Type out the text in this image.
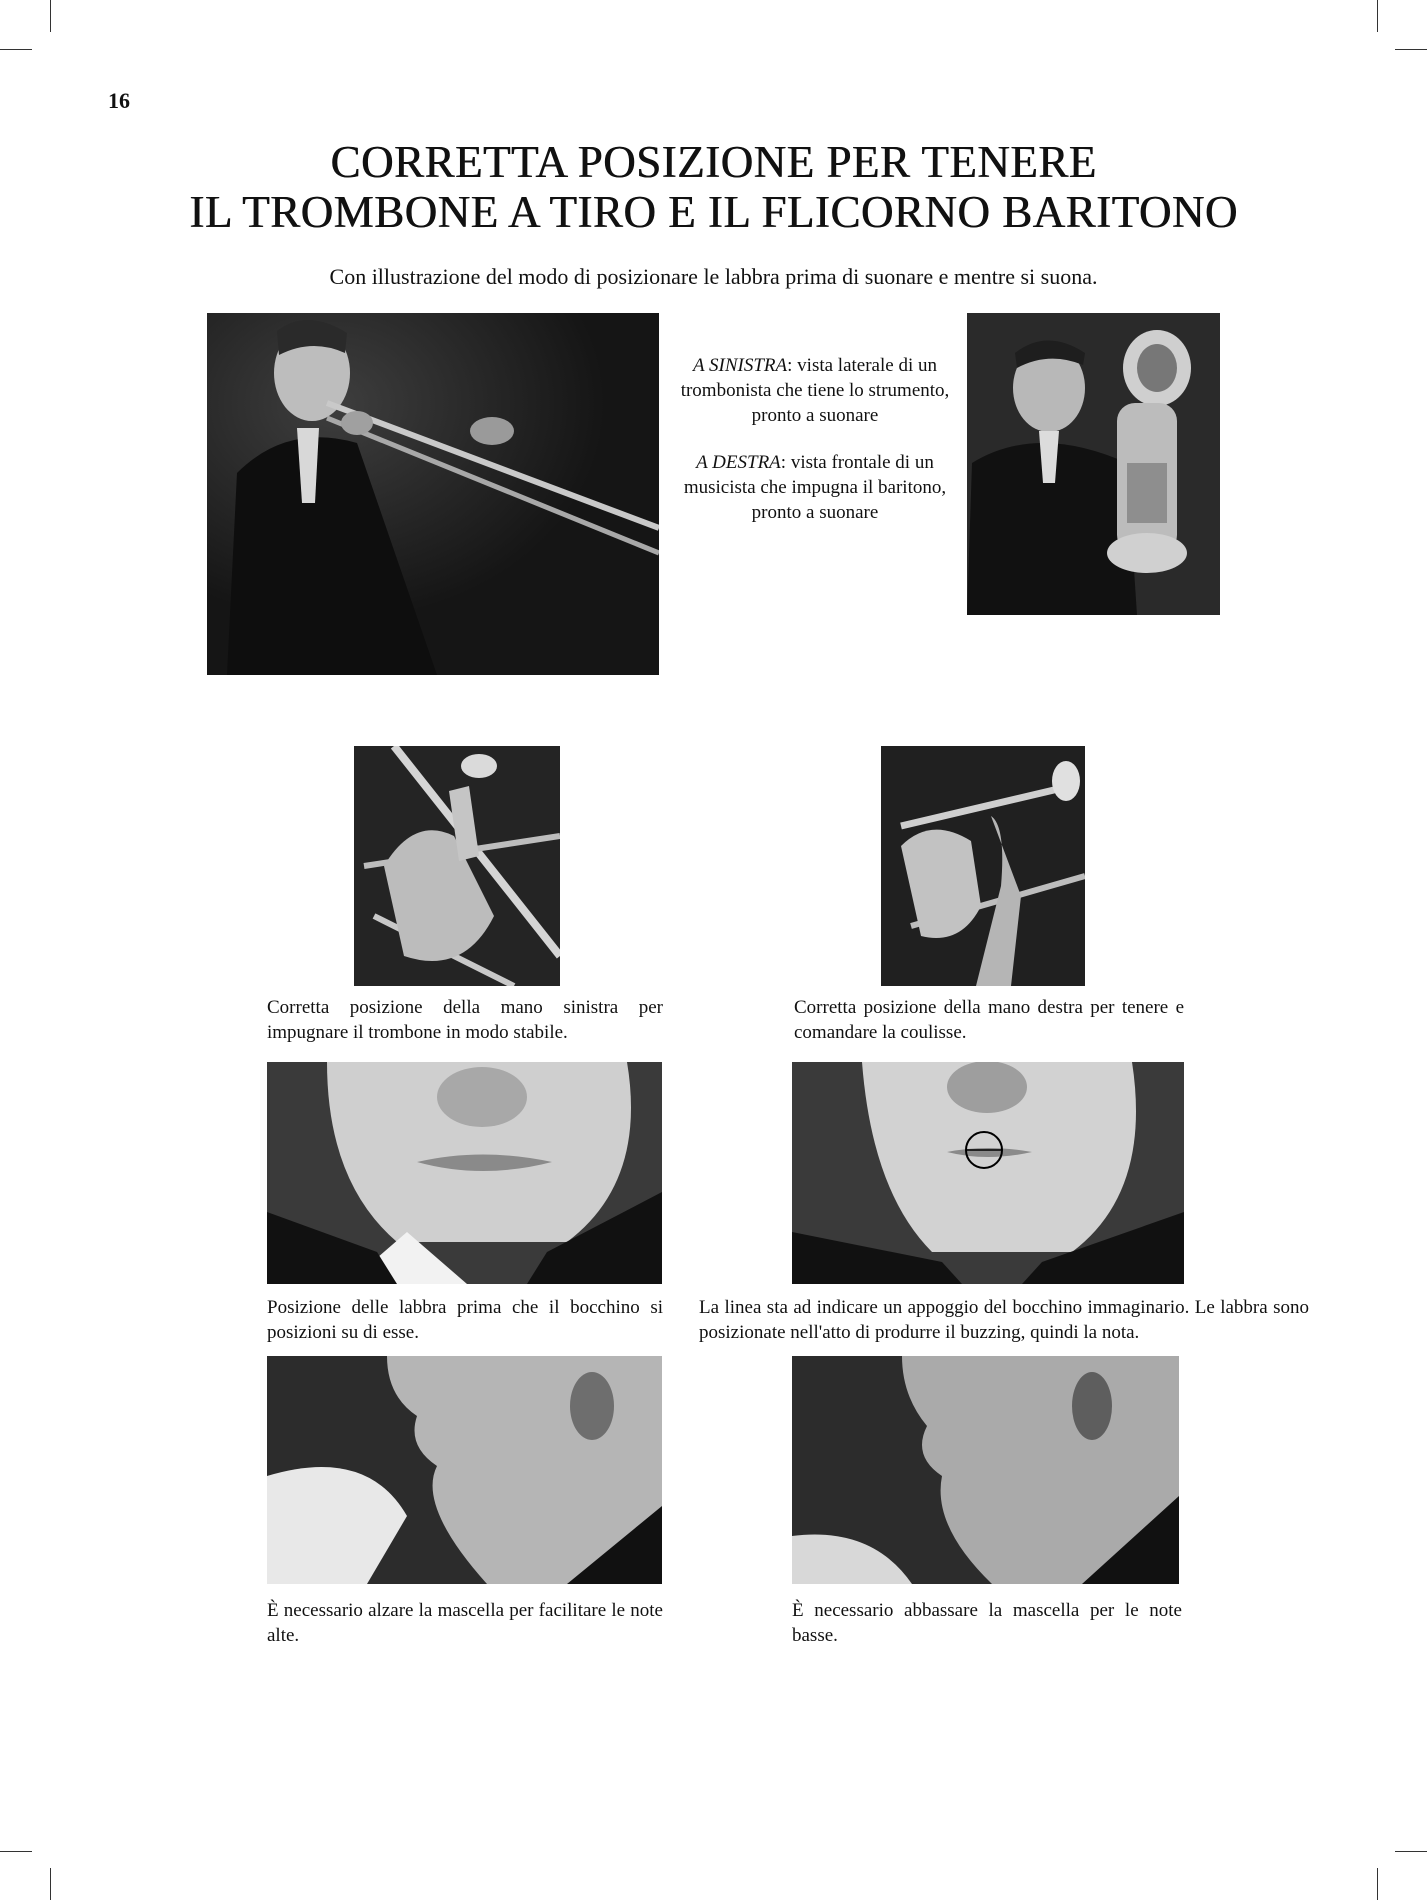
16
CORRETTA POSIZIONE PER TENERE
IL TROMBONE A TIRO E IL FLICORNO BARITONO
Con illustrazione del modo di posizionare le labbra prima di suonare e mentre si suona.

A SINISTRA: vista laterale di un trombonista che tiene lo strumento, pronto a suonare

A DESTRA: vista frontale di un musicista che impugna il baritono, pronto a suonare

Corretta posizione della mano sinistra per impugnare il trombone in modo stabile.
Corretta posizione della mano destra per tenere e comandare la coulisse.
Posizione delle labbra prima che il bocchino si posizioni su di esse.
La linea sta ad indicare un appoggio del bocchino immaginario. Le labbra sono posizionate nell'atto di produrre il buzzing, quindi la nota.
È necessario alzare la mascella per facilitare le note alte.
È necessario abbassare la mascella per le note basse.
